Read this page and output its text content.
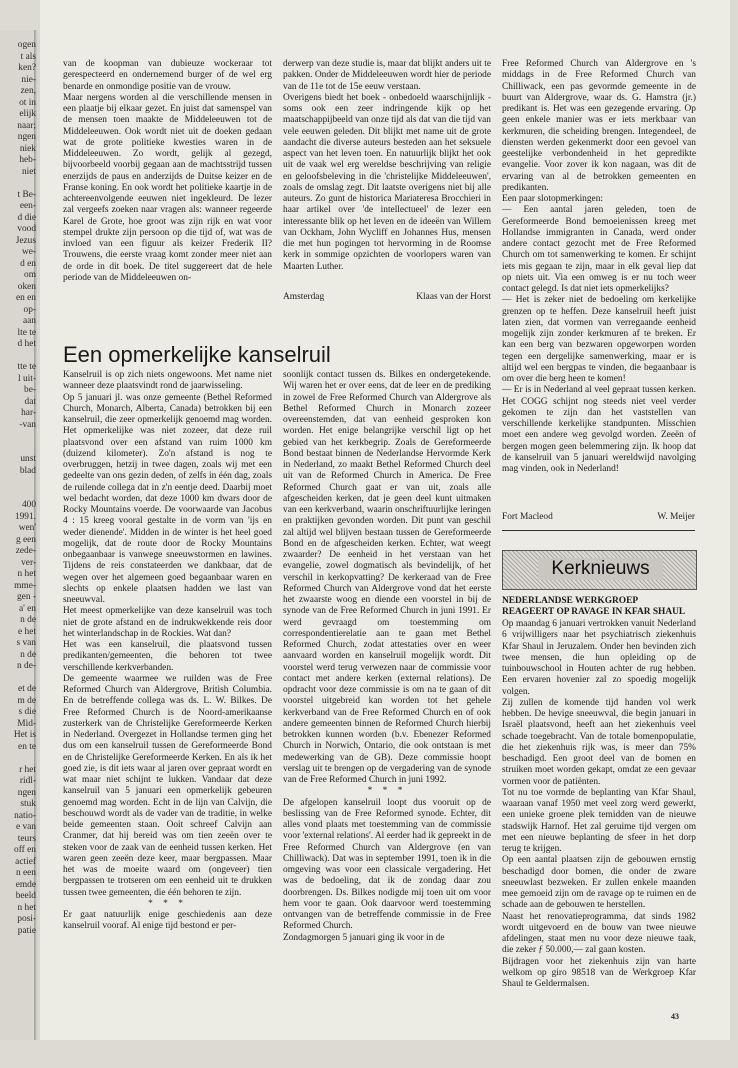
ogen
t als
ken?
nie-
zen,
ot in
elijk
naar;
ngen
niek
heb-
niet
t Be-
een-
d die
vood
Jezus
we-
d en
om
oken
en en
op-
aan
lte te
d het
tte te
l uit-
be-
dat
har-
-van
unst
blad
400
1991.
wen'
g een
zede-
ver-
n het
mme-
gen -
a' en
n de
e het
s van
n de
n de-
et de
m de
s die
Mid-
Het is
en te
r het
ridl-
ngen
stuk
natio-
e van
teurs
off en
actief
n een
emde
beeld
n het
posi-
patie

van de koopman van dubieuze wockeraar tot gerespecteerd en ondernemend burger of de wel erg benarde en onmondige positie van de vrouw.

Maar nergens worden al die verschillende mensen in een plaatje bij elkaar gezet. En juist dat samenspel van de mensen toen maakte de Middeleeuwen tot de Middeleeuwen. Ook wordt niet uit de doeken gedaan wat de grote politieke kwesties waren in de Middeleeuwen. Zo wordt, gelijk al gezegd, bijvoorbeeld voorbij gegaan aan de machtsstrijd tussen enerzijds de paus en anderzijds de Duitse keizer en de Franse koning. En ook wordt het politieke kaartje in de achtereenvolgende eeuwen niet ingekleurd. De lezer zal vergeefs zoeken naar vragen als: wanneer regeerde Karel de Grote, hoe groot was zijn rijk en wat voor stempel drukte zijn persoon op die tijd of, wat was de invloed van een figuur als keizer Frederik II? Trouwens, die eerste vraag komt zonder meer niet aan de orde in dit boek. De titel suggereert dat de hele periode van de Middeleeuwen on-

derwerp van deze studie is, maar dat blijkt anders uit te pakken. Onder de Middeleeuwen wordt hier de periode van de 11e tot de 15e eeuw verstaan.

Overigens biedt het boek - onbedoeld waarschijnlijk - soms ook een zeer indringende kijk op het maatschappijbeeld van onze tijd als dat van die tijd van vele eeuwen geleden. Dit blijkt met name uit de grote aandacht die diverse auteurs besteden aan het seksuele aspect van het leven toen. En natuurlijk blijkt het ook uit de vaak wel erg wereldse beschrijving van religie en geloofsbeleving in die 'christelijke Middeleeuwen', zoals de omslag zegt. Dit laatste overigens niet bij alle auteurs. Zo gunt de historica Mariateresa Brocchieri in haar artikel over 'de intellectueel' de lezer een interessante blik op het leven en de ideeën van Willem van Ockham, John Wycliff en Johannes Hus, mensen die met hun pogingen tot hervorming in de Roomse kerk in sommige opzichten de voorlopers waren van Maarten Luther.

Amsterdag	Klaas van der Horst
Een opmerkelijke kanselruil

Kanselruil is op zich niets ongewoons. Met name niet wanneer deze plaatsvindt rond de jaarwisseling.

Op 5 januari jl. was onze gemeente (Bethel Reformed Church, Monarch, Alberta, Canada) betrokken bij een kanselruil, die zeer opmerkelijk genoemd mag worden. Het opmerkelijke was niet zozeer, dat deze ruil plaatsvond over een afstand van ruim 1000 km (duizend kilometer). Zo'n afstand is nog te overbruggen, hetzij in twee dagen, zoals wij met een gedeelte van ons gezin deden, of zelfs in één dag, zoals de ruilende collega dat in z'n eentje deed. Daarbij moet wel bedacht worden, dat deze 1000 km dwars door de Rocky Mountains voerde. De voorwaarde van Jacobus 4 : 15 kreeg vooral gestalte in de vorm van 'ijs en weder dienende'. Midden in de winter is het heel goed mogelijk, dat de route door de Rocky Mountains onbegaanbaar is vanwege sneeuwstormen en lawines. Tijdens de reis constateerden we dankbaar, dat de wegen over het algemeen goed begaanbaar waren en slechts op enkele plaatsen hadden we last van sneeuwval.

Het meest opmerkelijke van deze kanselruil was toch niet de grote afstand en de indrukwekkende reis door het winterlandschap in de Rockies. Wat dan?

Het was een kanselruil, die plaatsvond tussen predikanten/gemeenten, die behoren tot twee verschillende kerkverbanden.

De gemeente waarmee we ruilden was de Free Reformed Church van Aldergrove, British Columbia. En de betreffende collega was ds. L. W. Bilkes. De Free Reformed Church is de Noord-amerikaanse zusterkerk van de Christelijke Gereformeerde Kerken in Nederland. Overgezet in Hollandse termen ging het dus om een kanselruil tussen de Gereformeerde Bond en de Christelijke Gereformeerde Kerken. En als ik het goed zie, is dit iets waar al jaren over gepraat wordt en wat maar niet schijnt te lukken. Vandaar dat deze kanselruil van 5 januari een opmerkelijk gebeuren genoemd mag worden. Echt in de lijn van Calvijn, die beschouwd wordt als de vader van de traditie, in welke beide gemeenten staan. Ooit schreef Calvijn aan Cranmer, dat hij bereid was om tien zeeën over te steken voor de zaak van de eenheid tussen kerken. Het waren geen zeeën deze keer, maar bergpassen. Maar het was de moeite waard om (ongeveer) tien bergpassen te trotseren om een eenheid uit te drukken tussen twee gemeenten, die één behoren te zijn.

* * *

Er gaat natuurlijk enige geschiedenis aan deze kanselruil vooraf. Al enige tijd bestond er per-

soonlijk contact tussen ds. Bilkes en ondergetekende. Wij waren het er over eens, dat de leer en de prediking in zowel de Free Reformed Church van Aldergrove als Bethel Reformed Church in Monarch zozeer overeenstemden, dat van eenheid gesproken kon worden. Het enige belangrijke verschil ligt op het gebied van het kerkbegrip. Zoals de Gereformeerde Bond bestaat binnen de Nederlandse Hervormde Kerk in Nederland, zo maakt Bethel Reformed Church deel uit van de Reformed Church in America. De Free Reformed Church gaat er van uit, zoals alle afgescheiden kerken, dat je geen deel kunt uitmaken van een kerkverband, waarin onschriftuurlijke leringen en praktijken gevonden worden. Dit punt van geschil zal altijd wel blijven bestaan tussen de Gereformeerde Bond en de afgescheiden kerken. Echter, wat weegt zwaarder? De eenheid in het verstaan van het evangelie, zowel dogmatisch als bevindelijk, of het verschil in kerkopvatting? De kerkeraad van de Free Reformed Church van Aldergrove vond dat het eerste het zwaarste woog en diende een voorstel in bij de synode van de Free Reformed Church in juni 1991. Er werd gevraagd om toestemming om correspondentierelatie aan te gaan met Bethel Reformed Church, zodat attestaties over en weer aanvaard worden en kanselruil mogelijk wordt. Dit voorstel werd terug verwezen naar de commissie voor contact met andere kerken (external relations). De opdracht voor deze commissie is om na te gaan of dit voorstel uitgebreid kan worden tot het gehele kerkverband van de Free Reformed Church en of ook andere gemeenten binnen de Reformed Church hierbij betrokken kunnen worden (b.v. Ebenezer Reformed Church in Norwich, Ontario, die ook ontstaan is met medewerking van de GB). Deze commissie hoopt verslag uit te brengen op de vergadering van de synode van de Free Reformed Church in juni 1992.

* * *

De afgelopen kanselruil loopt dus vooruit op de beslissing van de Free Reformed synode. Echter, dit alles vond plaats met toestemming van de commissie voor 'external relations'. Al eerder had ik gepreekt in de Free Reformed Church van Aldergrove (en van Chilliwack). Dat was in september 1991, toen ik in die omgeving was voor een classicale vergadering. Het was de bedoeling, dat ik de zondag daar zou doorbrengen. Ds. Bilkes nodigde mij toen uit om voor hem voor te gaan. Ook daarvoor werd toestemming ontvangen van de betreffende commissie in de Free Reformed Church.

Zondagmorgen 5 januari ging ik voor in de

Free Reformed Church van Aldergrove en 's middags in de Free Reformed Church van Chilliwack, een pas gevormde gemeente in de buurt van Aldergrove, waar ds. G. Hamstra (jr.) predikant is. Het was een gezegende ervaring. Op geen enkele manier was er iets merkbaar van kerkmuren, die scheiding brengen. Integendeel, de diensten werden gekenmerkt door een gevoel van geestelijke verbondenheid in het gepredikte evangelie. Voor zover ik kon nagaan, was dit de ervaring van al de betrokken gemeenten en predikanten.

Een paar slotopmerkingen:

— Een aantal jaren geleden, toen de Gereformeerde Bond bemoeienissen kreeg met Hollandse immigranten in Canada, werd onder andere contact gezocht met de Free Reformed Church om tot samenwerking te komen. Er schijnt iets mis gegaan te zijn, maar in elk geval liep dat op niets uit. Via een omweg is er nu toch weer contact gelegd. Is dat niet iets opmerkelijks?

— Het is zeker niet de bedoeling om kerkelijke grenzen op te heffen. Deze kanselruil heeft juist laten zien, dat vormen van verregaande eenheid mogelijk zijn zonder kerkmuren af te breken. Er kan een berg van bezwaren opgeworpen worden tegen een dergelijke samenwerking, maar er is altijd wel een bergpas te vinden, die begaanbaar is om over die berg heen te komen!

— Er is in Nederland al veel gepraat tussen kerken. Het COGG schijnt nog steeds niet veel verder gekomen te zijn dan het vaststellen van verschillende kerkelijke standpunten. Misschien moet een andere weg gevolgd worden. Zeeën of bergen mogen geen belemmering zijn. Ik hoop dat de kanselruil van 5 januari wereldwijd navolging mag vinden, ook in Nederland!

Fort Macleod	W. Meijer
Kerknieuws
NEDERLANDSE WERKGROEP
REAGEERT OP RAVAGE IN KFAR SHAUL

Op maandag 6 januari vertrokken vanuit Nederland 6 vrijwilligers naar het psychiatrisch ziekenhuis Kfar Shaul in Jeruzalem. Onder hen bevinden zich twee mensen, die hun opleiding op de tuinbouwschool in Houten achter de rug hebben. Een ervaren hovenier zal zo spoedig mogelijk volgen.

Zij zullen de komende tijd handen vol werk hebben. De hevige sneeuwval, die begin januari in Israël plaatsvond, heeft aan het ziekenhuis veel schade toegebracht. Van de totale bomenpopulatie, die het ziekenhuis rijk was, is meer dan 75% beschadigd. Een groot deel van de bomen en struiken moet worden gekapt, omdat ze een gevaar vormen voor de patiënten.

Tot nu toe vormde de beplanting van Kfar Shaul, waaraan vanaf 1950 met veel zorg werd gewerkt, een unieke groene plek temidden van de nieuwe stadswijk Harnof. Het zal geruime tijd vergen om met een nieuwe beplanting de sfeer in het dorp terug te krijgen.

Op een aantal plaatsen zijn de gebouwen ernstig beschadigd door bomen, die onder de zware sneeuwlast bezweken. Er zullen enkele maanden mee gemoeid zijn om de ravage op te ruimen en de schade aan de gebouwen te herstellen.

Naast het renovatieprogramma, dat sinds 1982 wordt uitgevoerd en de bouw van twee nieuwe afdelingen, staat men nu voor deze nieuwe taak, die zeker ƒ 50.000,— zal gaan kosten.

Bijdragen voor het ziekenhuis zijn van harte welkom op giro 98518 van de Werkgroep Kfar Shaul te Geldermalsen.

43
